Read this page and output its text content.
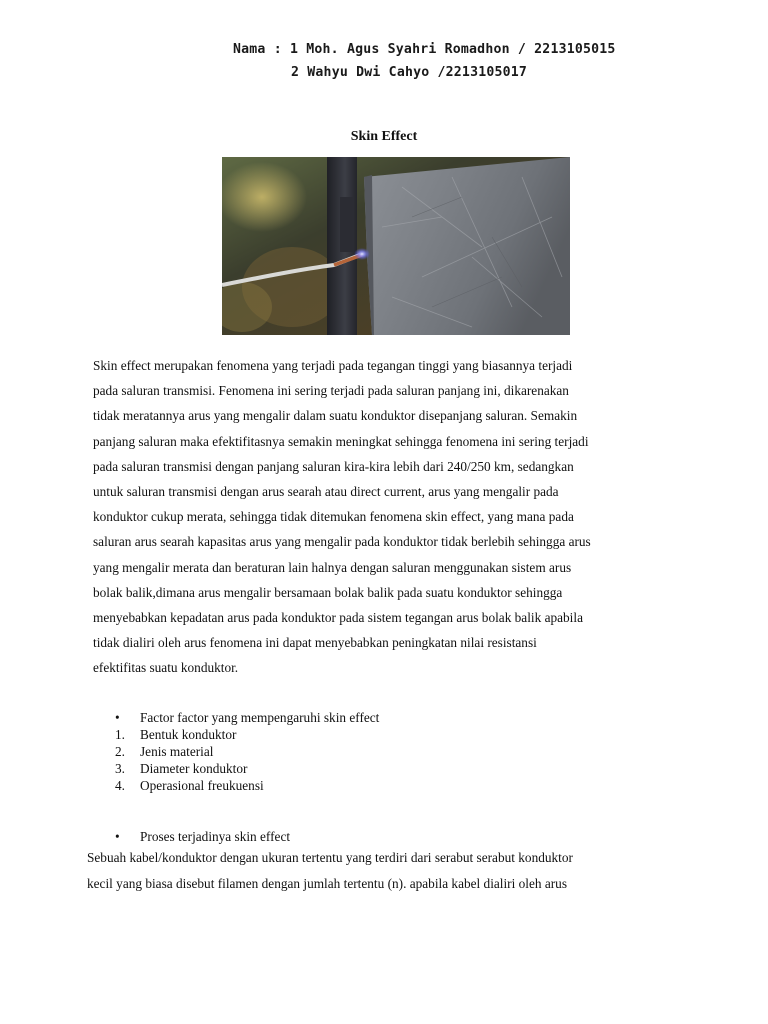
Nama : 1 Moh. Agus Syahri Romadhon / 2213105015
2 Wahyu Dwi Cahyo /2213105017
Skin Effect
Skin effect merupakan fenomena yang terjadi pada tegangan tinggi yang biasannya terjadi
pada saluran transmisi. Fenomena ini sering terjadi pada saluran panjang ini, dikarenakan
tidak meratannya arus yang mengalir dalam suatu konduktor disepanjang saluran. Semakin
panjang saluran maka efektifitasnya semakin meningkat sehingga fenomena ini sering terjadi
pada saluran transmisi dengan panjang saluran kira-kira lebih dari 240/250 km, sedangkan
untuk saluran transmisi dengan arus searah atau direct current, arus yang mengalir pada
konduktor cukup merata, sehingga tidak ditemukan fenomena skin effect, yang mana pada
saluran arus searah kapasitas arus yang mengalir pada konduktor tidak berlebih sehingga arus
yang mengalir merata dan beraturan lain halnya dengan saluran menggunakan sistem arus
bolak balik,dimana arus mengalir bersamaan bolak balik pada suatu konduktor sehingga
menyebabkan kepadatan arus pada konduktor pada sistem tegangan arus bolak balik apabila
tidak dialiri oleh arus fenomena ini dapat menyebabkan peningkatan nilai resistansi
efektifitas suatu konduktor.
•	Factor factor yang mempengaruhi skin effect
1.	Bentuk konduktor
2.	Jenis material
3.	Diameter konduktor
4.	Operasional freukuensi
•	Proses terjadinya skin effect
Sebuah kabel/konduktor dengan ukuran tertentu yang terdiri dari serabut serabut konduktor
kecil yang biasa disebut filamen dengan jumlah tertentu (n). apabila kabel dialiri oleh arus
